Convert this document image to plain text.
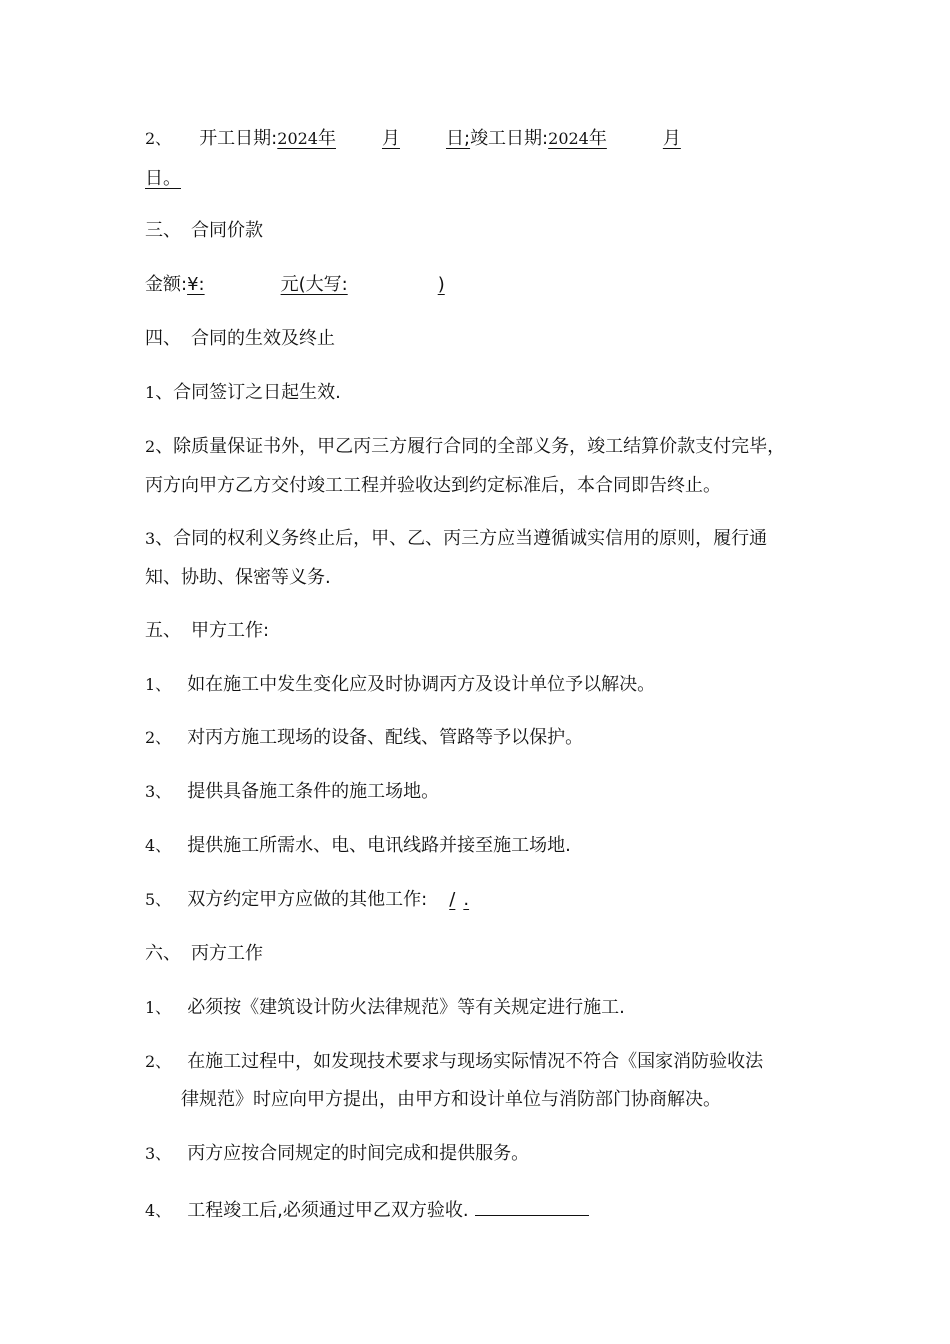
2、 开工日期:2024年	月	日;竣工日期:2024年	月
日。
三、 合同价款
金额:¥:	元(大写:	)
四、 合同的生效及终止
1、合同签订之日起生效.
2、除质量保证书外，甲乙丙三方履行合同的全部义务，竣工结算价款支付完毕，
丙方向甲方乙方交付竣工工程并验收达到约定标准后，本合同即告终止。
3、合同的权利义务终止后，甲、乙、丙三方应当遵循诚实信用的原则，履行通
知、协助、保密等义务.
五、 甲方工作:
1、 如在施工中发生变化应及时协调丙方及设计单位予以解决。
2、 对丙方施工现场的设备、配线、管路等予以保护。
3、 提供具备施工条件的施工场地。
4、 提供施工所需水、电、电讯线路并接至施工场地.
5、 双方约定甲方应做的其他工作: / .
六、 丙方工作
1、 必须按《建筑设计防火法律规范》等有关规定进行施工.
2、 在施工过程中，如发现技术要求与现场实际情况不符合《国家消防验收法
律规范》时应向甲方提出，由甲方和设计单位与消防部门协商解决。
3、 丙方应按合同规定的时间完成和提供服务。
4、 工程竣工后,必须通过甲乙双方验收.
